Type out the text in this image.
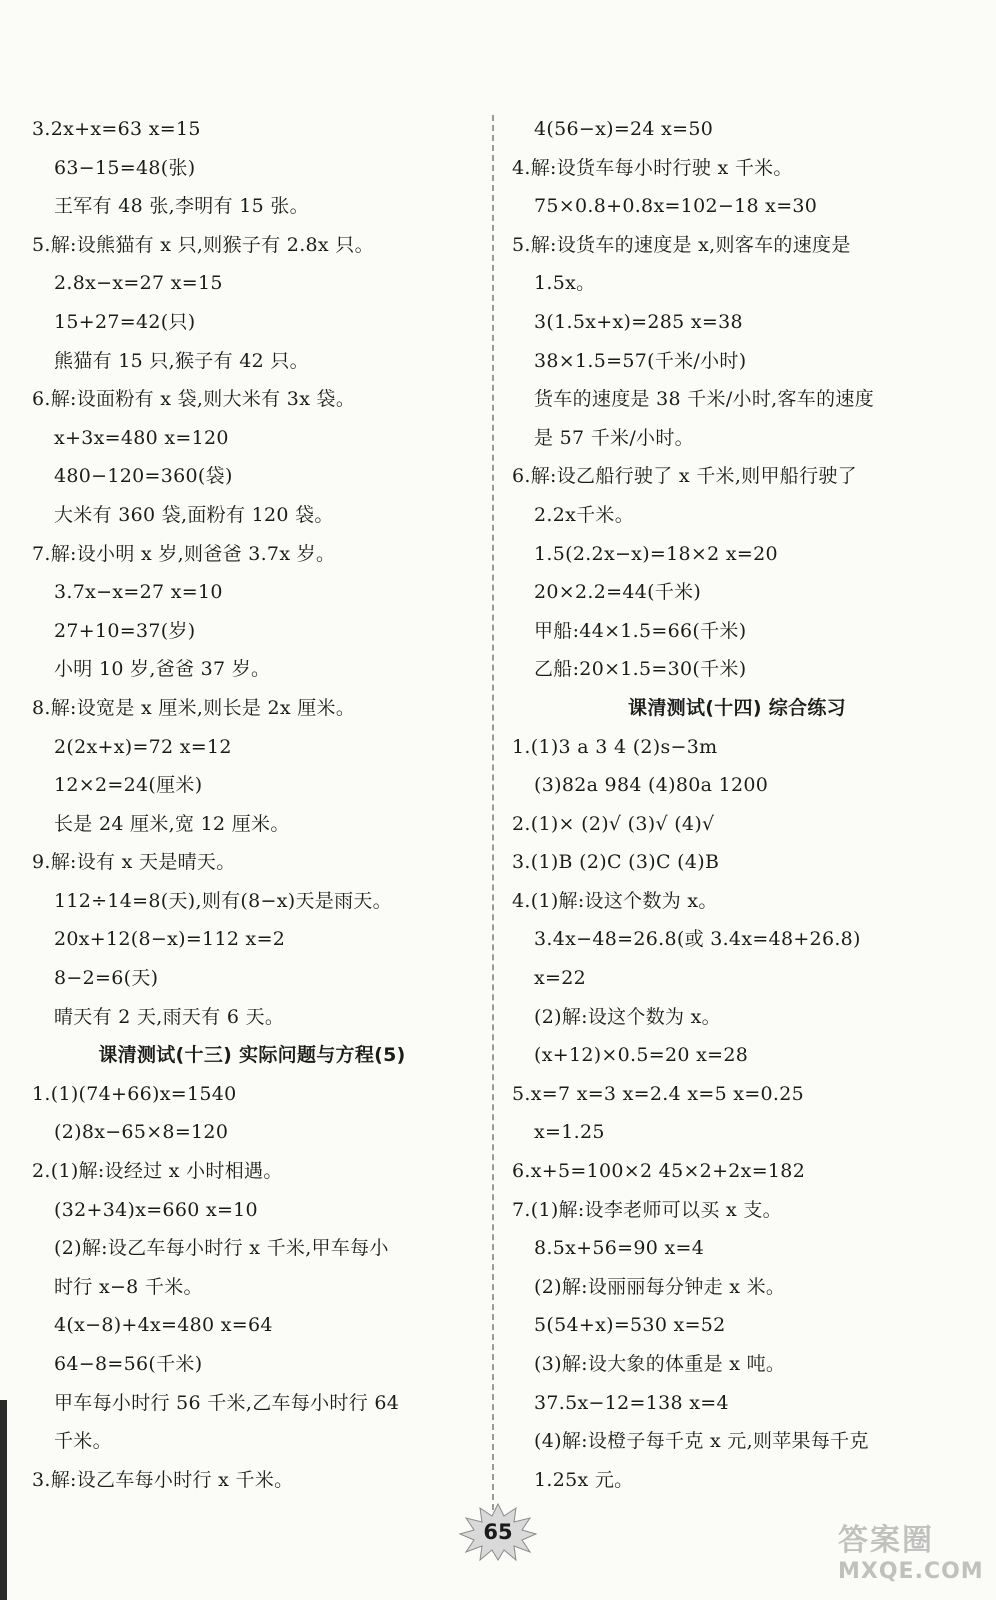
3.2x+x=63 x=15
63−15=48(张)
王军有 48 张,李明有 15 张。
5.解:设熊猫有 x 只,则猴子有 2.8x 只。
2.8x−x=27 x=15
15+27=42(只)
熊猫有 15 只,猴子有 42 只。
6.解:设面粉有 x 袋,则大米有 3x 袋。
x+3x=480 x=120
480−120=360(袋)
大米有 360 袋,面粉有 120 袋。
7.解:设小明 x 岁,则爸爸 3.7x 岁。
3.7x−x=27 x=10
27+10=37(岁)
小明 10 岁,爸爸 37 岁。
8.解:设宽是 x 厘米,则长是 2x 厘米。
2(2x+x)=72 x=12
12×2=24(厘米)
长是 24 厘米,宽 12 厘米。
9.解:设有 x 天是晴天。
112÷14=8(天),则有(8−x)天是雨天。
20x+12(8−x)=112 x=2
8−2=6(天)
晴天有 2 天,雨天有 6 天。
课清测试(十三) 实际问题与方程(5)
1.(1)(74+66)x=1540
(2)8x−65×8=120
2.(1)解:设经过 x 小时相遇。
(32+34)x=660 x=10
(2)解:设乙车每小时行 x 千米,甲车每小
时行 x−8 千米。
4(x−8)+4x=480 x=64
64−8=56(千米)
甲车每小时行 56 千米,乙车每小时行 64
千米。
3.解:设乙车每小时行 x 千米。
4(56−x)=24 x=50
4.解:设货车每小时行驶 x 千米。
75×0.8+0.8x=102−18 x=30
5.解:设货车的速度是 x,则客车的速度是
1.5x。
3(1.5x+x)=285 x=38
38×1.5=57(千米/小时)
货车的速度是 38 千米/小时,客车的速度
是 57 千米/小时。
6.解:设乙船行驶了 x 千米,则甲船行驶了
2.2x千米。
1.5(2.2x−x)=18×2 x=20
20×2.2=44(千米)
甲船:44×1.5=66(千米)
乙船:20×1.5=30(千米)
课清测试(十四) 综合练习
1.(1)3 a 3 4 (2)s−3m
(3)82a 984 (4)80a 1200
2.(1)× (2)√ (3)√ (4)√
3.(1)B (2)C (3)C (4)B
4.(1)解:设这个数为 x。
3.4x−48=26.8(或 3.4x=48+26.8)
x=22
(2)解:设这个数为 x。
(x+12)×0.5=20 x=28
5.x=7 x=3 x=2.4 x=5 x=0.25
x=1.25
6.x+5=100×2 45×2+2x=182
7.(1)解:设李老师可以买 x 支。
8.5x+56=90 x=4
(2)解:设丽丽每分钟走 x 米。
5(54+x)=530 x=52
(3)解:设大象的体重是 x 吨。
37.5x−12=138 x=4
(4)解:设橙子每千克 x 元,则苹果每千克
1.25x 元。
65	答案圈
MXQE.COM
